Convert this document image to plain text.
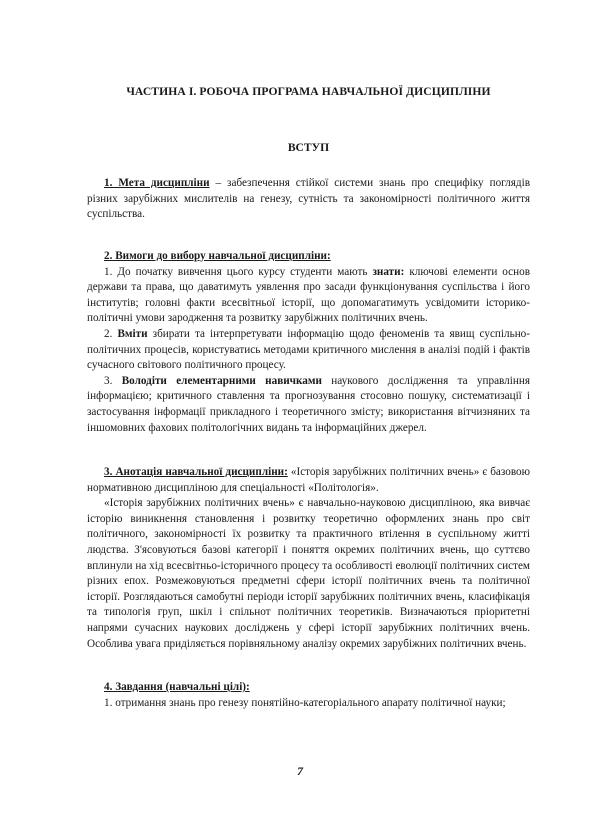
ЧАСТИНА І. РОБОЧА ПРОГРАМА НАВЧАЛЬНОЇ ДИСЦИПЛІНИ

ВСТУП

1. Мета дисципліни – забезпечення стійкої системи знань про специфіку поглядів різних зарубіжних мислителів на генезу, сутність та закономірності політичного життя суспільства.

2. Вимоги до вибору навчальної дисципліни:

1. До початку вивчення цього курсу студенти мають знати: ключові елементи основ держави та права, що даватимуть уявлення про засади функціонування суспільства і його інститутів; головні факти всесвітньої історії, що допомагатимуть усвідомити історико-політичні умови зародження та розвитку зарубіжних політичних вчень.

2. Вміти збирати та інтерпретувати інформацію щодо феноменів та явищ суспільно-політичних процесів, користуватись методами критичного мислення в аналізі подій і фактів сучасного світового політичного процесу.

3. Володіти елементарними навичками наукового дослідження та управління інформацією; критичного ставлення та прогнозування стосовно пошуку, систематизації і застосування інформації прикладного і теоретичного змісту; використання вітчизняних та іншомовних фахових політологічних видань та інформаційних джерел.

3. Анотація навчальної дисципліни: «Історія зарубіжних політичних вчень» є базовою нормативною дисципліною для спеціальності «Політологія».

«Історія зарубіжних політичних вчень» є навчально-науковою дисципліною, яка вивчає історію виникнення становлення і розвитку теоретично оформлених знань про світ політичного, закономірності їх розвитку та практичного втілення в суспільному житті людства. З'ясовуються базові категорії і поняття окремих політичних вчень, що суттєво вплинули на хід всесвітньо-історичного процесу та особливості еволюції політичних систем різних епох. Розмежовуються предметні сфери історії політичних вчень та політичної історії. Розглядаються самобутні періоди історії зарубіжних політичних вчень, класифікація та типологія груп, шкіл і спільнот політичних теоретиків. Визначаються пріоритетні напрями сучасних наукових досліджень у сфері історії зарубіжних політичних вчень. Особлива увага приділяється порівняльному аналізу окремих зарубіжних політичних вчень.

4. Завдання (навчальні цілі):

1. отримання знань про генезу понятійно-категоріального апарату політичної науки;

7
